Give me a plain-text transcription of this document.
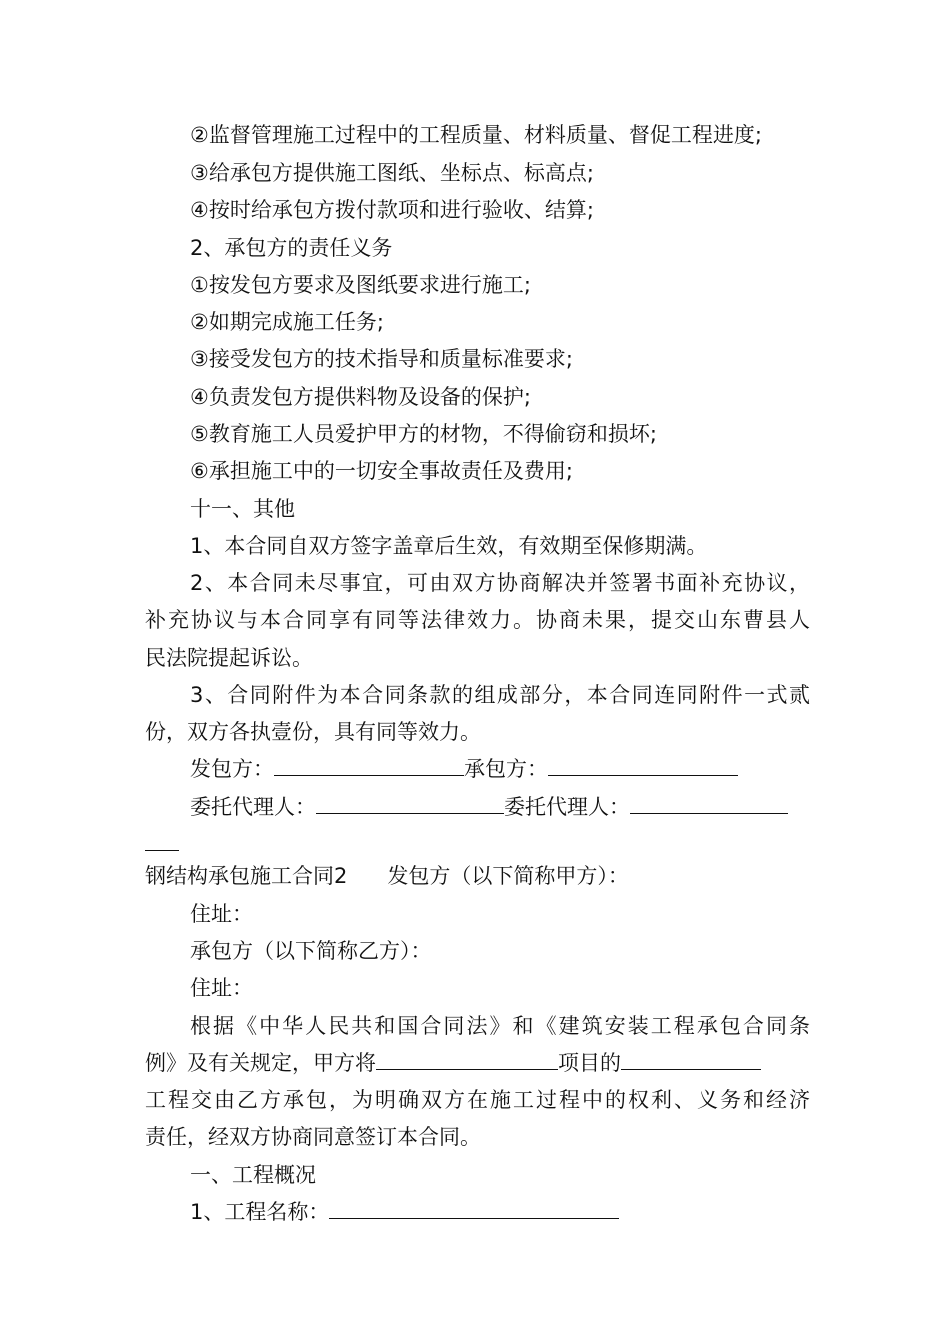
②监督管理施工过程中的工程质量、材料质量、督促工程进度;
③给承包方提供施工图纸、坐标点、标高点;
④按时给承包方拨付款项和进行验收、结算;
2、承包方的责任义务
①按发包方要求及图纸要求进行施工;
②如期完成施工任务;
③接受发包方的技术指导和质量标准要求;
④负责发包方提供料物及设备的保护;
⑤教育施工人员爱护甲方的材物，不得偷窃和损坏;
⑥承担施工中的一切安全事故责任及费用;
十一、其他
1、本合同自双方签字盖章后生效，有效期至保修期满。
2、本合同未尽事宜，可由双方协商解决并签署书面补充协议，
补充协议与本合同享有同等法律效力。协商未果，提交山东曹县人
民法院提起诉讼。
3、合同附件为本合同条款的组成部分，本合同连同附件一式贰
份，双方各执壹份，具有同等效力。
发包方：	承包方：
委托代理人：	委托代理人：
钢结构承包施工合同2 发包方（以下简称甲方）：
住址：
承包方（以下简称乙方）：
住址：
根据《中华人民共和国合同法》和《建筑安装工程承包合同条
例》及有关规定，甲方将	项目的
工程交由乙方承包，为明确双方在施工过程中的权利、义务和经济
责任，经双方协商同意签订本合同。
一、工程概况
1、工程名称：
